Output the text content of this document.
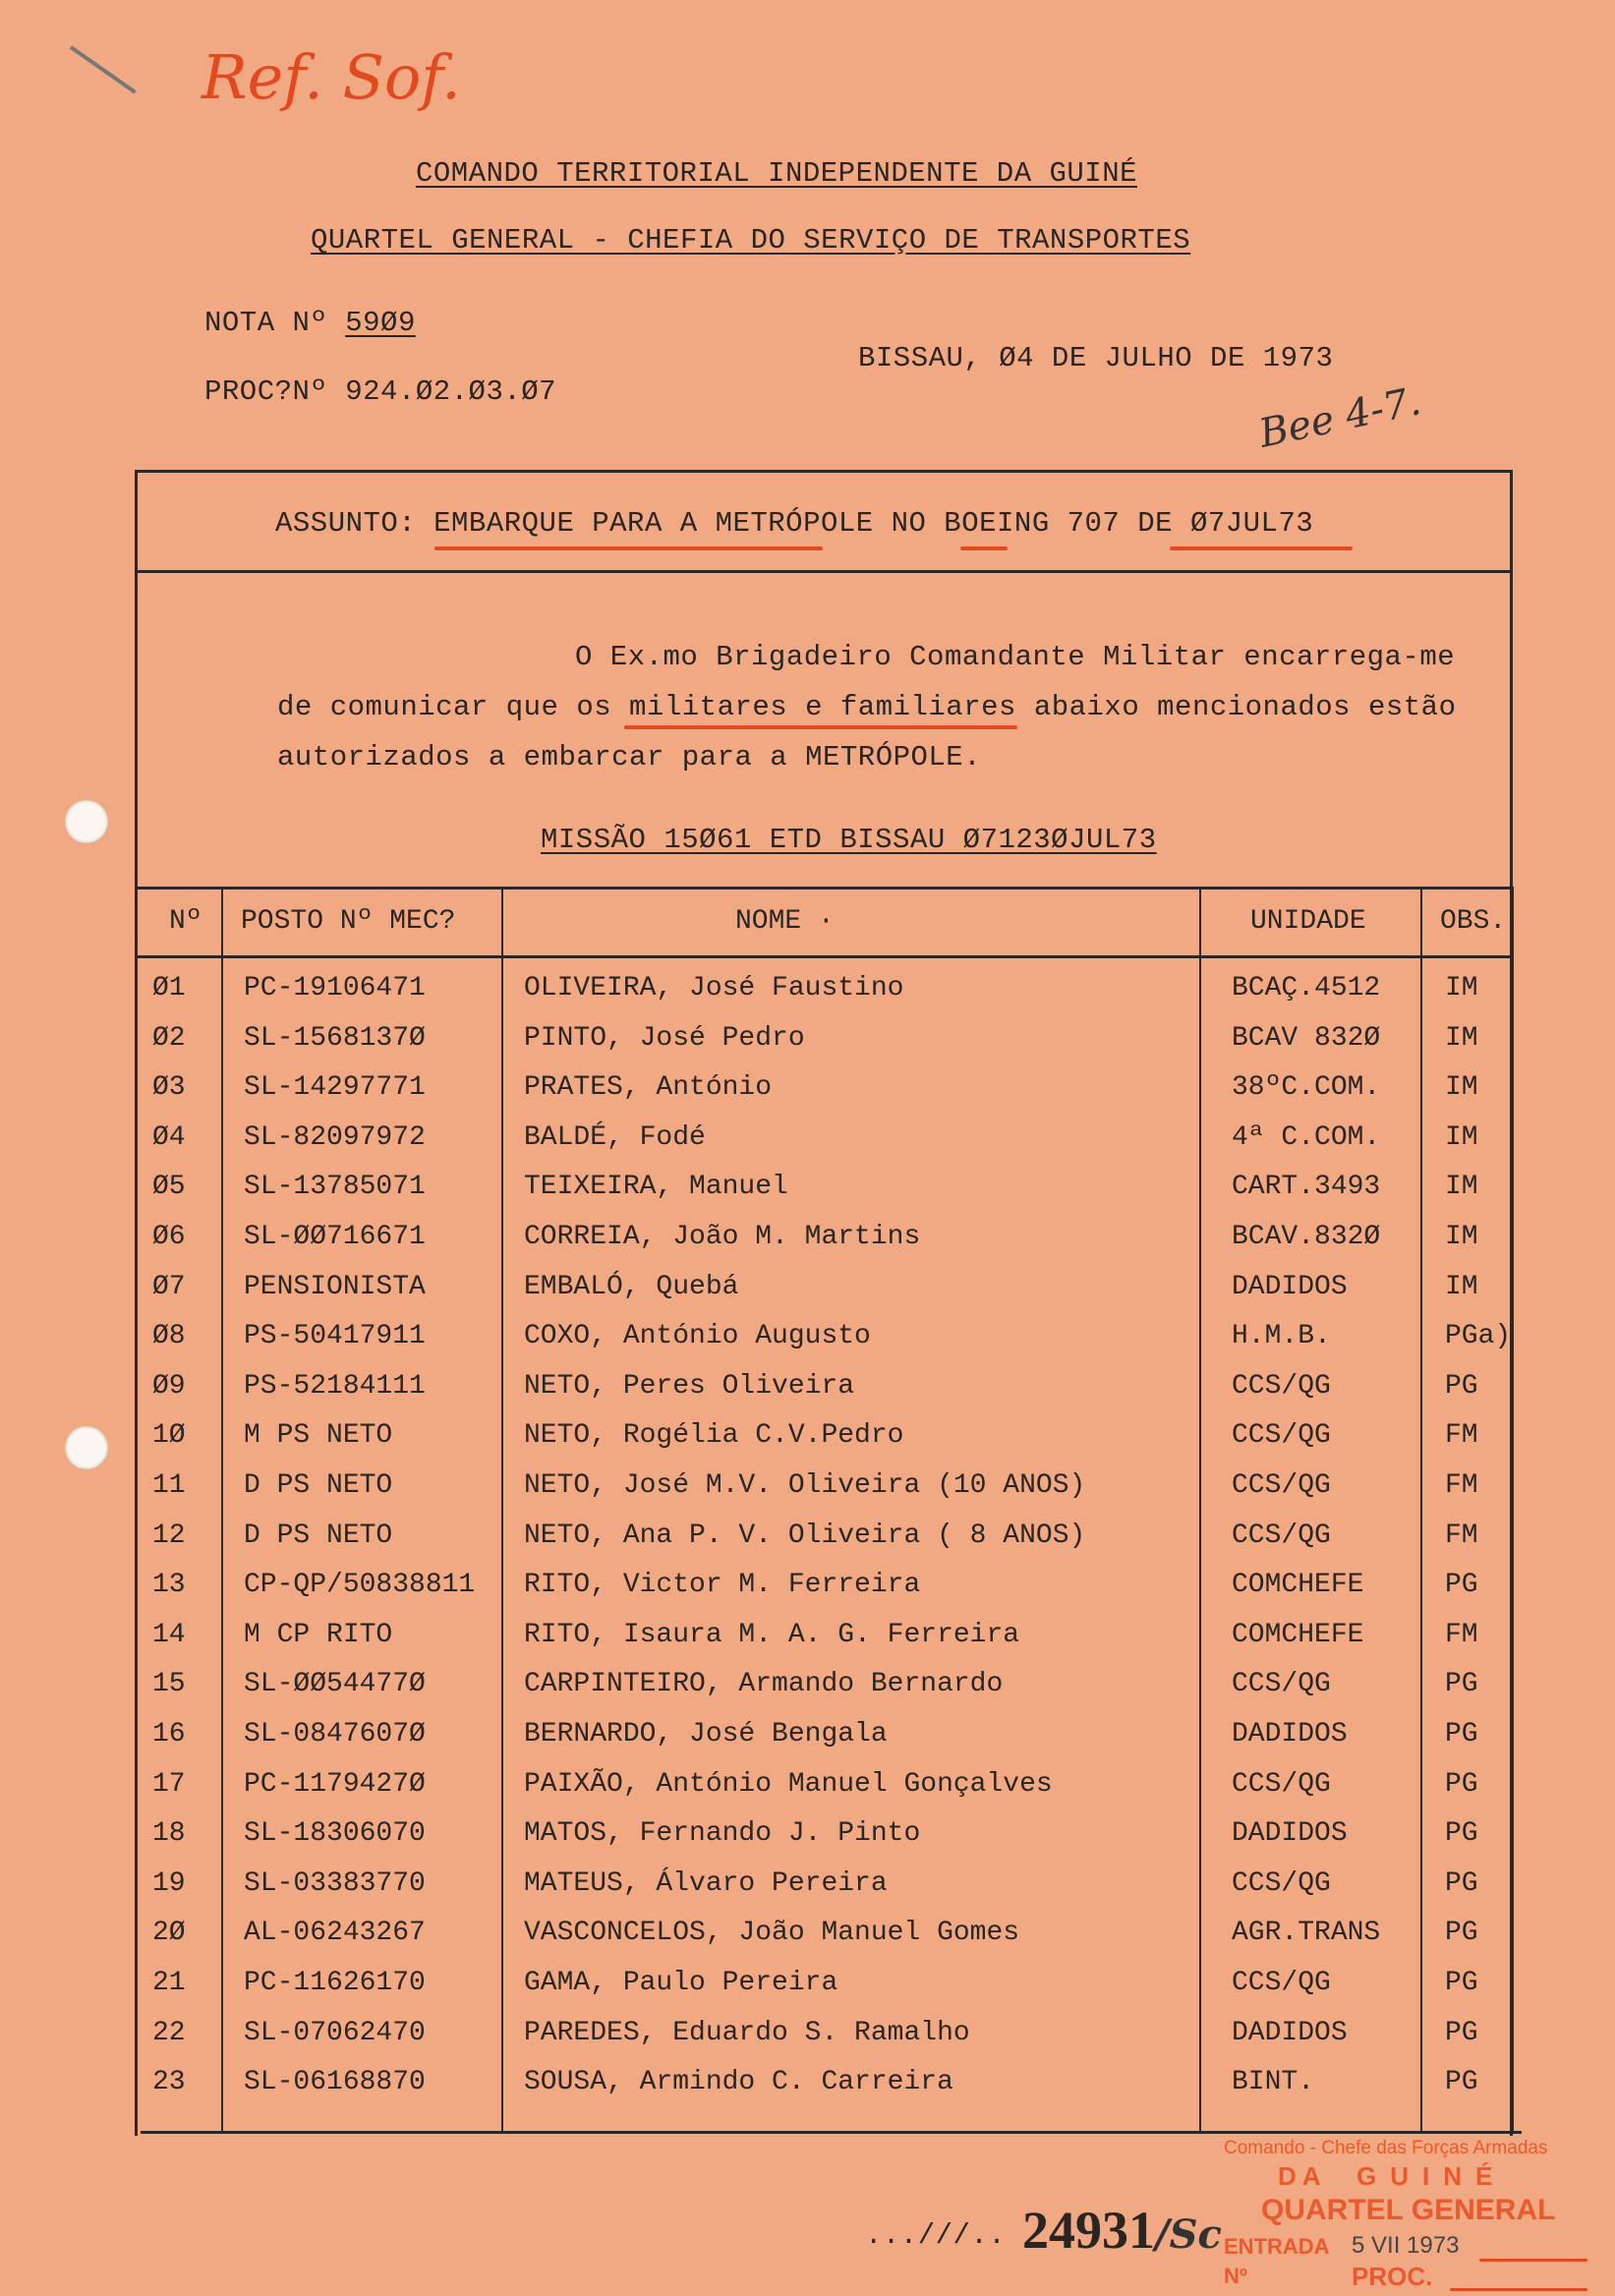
Ref. Sof.
COMANDO TERRITORIAL INDEPENDENTE DA GUINÉ
QUARTEL GENERAL - CHEFIA DO SERVIÇO DE TRANSPORTES
NOTA Nº 59Ø9
PROC?Nº 924.Ø2.Ø3.Ø7
BISSAU, Ø4 DE JULHO DE 1973
Bee 4-7.
ASSUNTO: EMBARQUE PARA A METRÓPOLE NO BOEING 707 DE Ø7JUL73
O Ex.mo Brigadeiro Comandante Militar encarrega-me
de comunicar que os militares e familiares abaixo mencionados estão
autorizados a embarcar para a METRÓPOLE.
MISSÃO 15Ø61 ETD BISSAU Ø7123ØJUL73
Nº POSTO Nº MEC?	NOME ·	UNIDADE	OBS.
Ø1 PC-19106471	OLIVEIRA, José Faustino	BCAÇ.4512 IM
Ø2 SL-1568137Ø	PINTO, José Pedro	BCAV 832Ø IM
Ø3 SL-14297771	PRATES, António	38ºC.COM. IM
Ø4 SL-82097972	BALDÉ, Fodé	4ª C.COM. IM
Ø5 SL-13785071	TEIXEIRA, Manuel	CART.3493 IM
Ø6 SL-ØØ716671	CORREIA, João M. Martins	BCAV.832Ø IM
Ø7 PENSIONISTA	EMBALÓ, Quebá	DADIDOS	IM
Ø8 PS-50417911	COXO, António Augusto	H.M.B.	PGa)
Ø9 PS-52184111	NETO, Peres Oliveira	CCS/QG	PG
1Ø M PS NETO	NETO, Rogélia C.V.Pedro	CCS/QG	FM
11 D PS NETO	NETO, José M.V. Oliveira (10 ANOS)	CCS/QG	FM
12 D PS NETO	NETO, Ana P. V. Oliveira ( 8 ANOS)	CCS/QG	FM
13 CP-QP/50838811 RITO, Victor M. Ferreira	COMCHEFE	PG
14 M CP RITO	RITO, Isaura M. A. G. Ferreira	COMCHEFE	FM
15 SL-ØØ54477Ø	CARPINTEIRO, Armando Bernardo	CCS/QG	PG
16 SL-0847607Ø	BERNARDO, José Bengala	DADIDOS	PG
17 PC-1179427Ø	PAIXÃO, António Manuel Gonçalves	CCS/QG	PG
18 SL-18306070	MATOS, Fernando J. Pinto	DADIDOS	PG
19 SL-03383770	MATEUS, Álvaro Pereira	CCS/QG	PG
2Ø AL-06243267	VASCONCELOS, João Manuel Gomes	AGR.TRANS PG
21 PC-11626170	GAMA, Paulo Pereira	CCS/QG	PG
22 SL-07062470	PAREDES, Eduardo S. Ramalho	DADIDOS	PG
23 SL-06168870	SOUSA, Armindo C. Carreira	BINT.	PG
...///.. 24931/Sc
Comando - Chefe das Forças Armadas
DA GUINÉ
QUARTEL GENERAL
ENTRADA
Nº
5 VII 1973
PROC.
